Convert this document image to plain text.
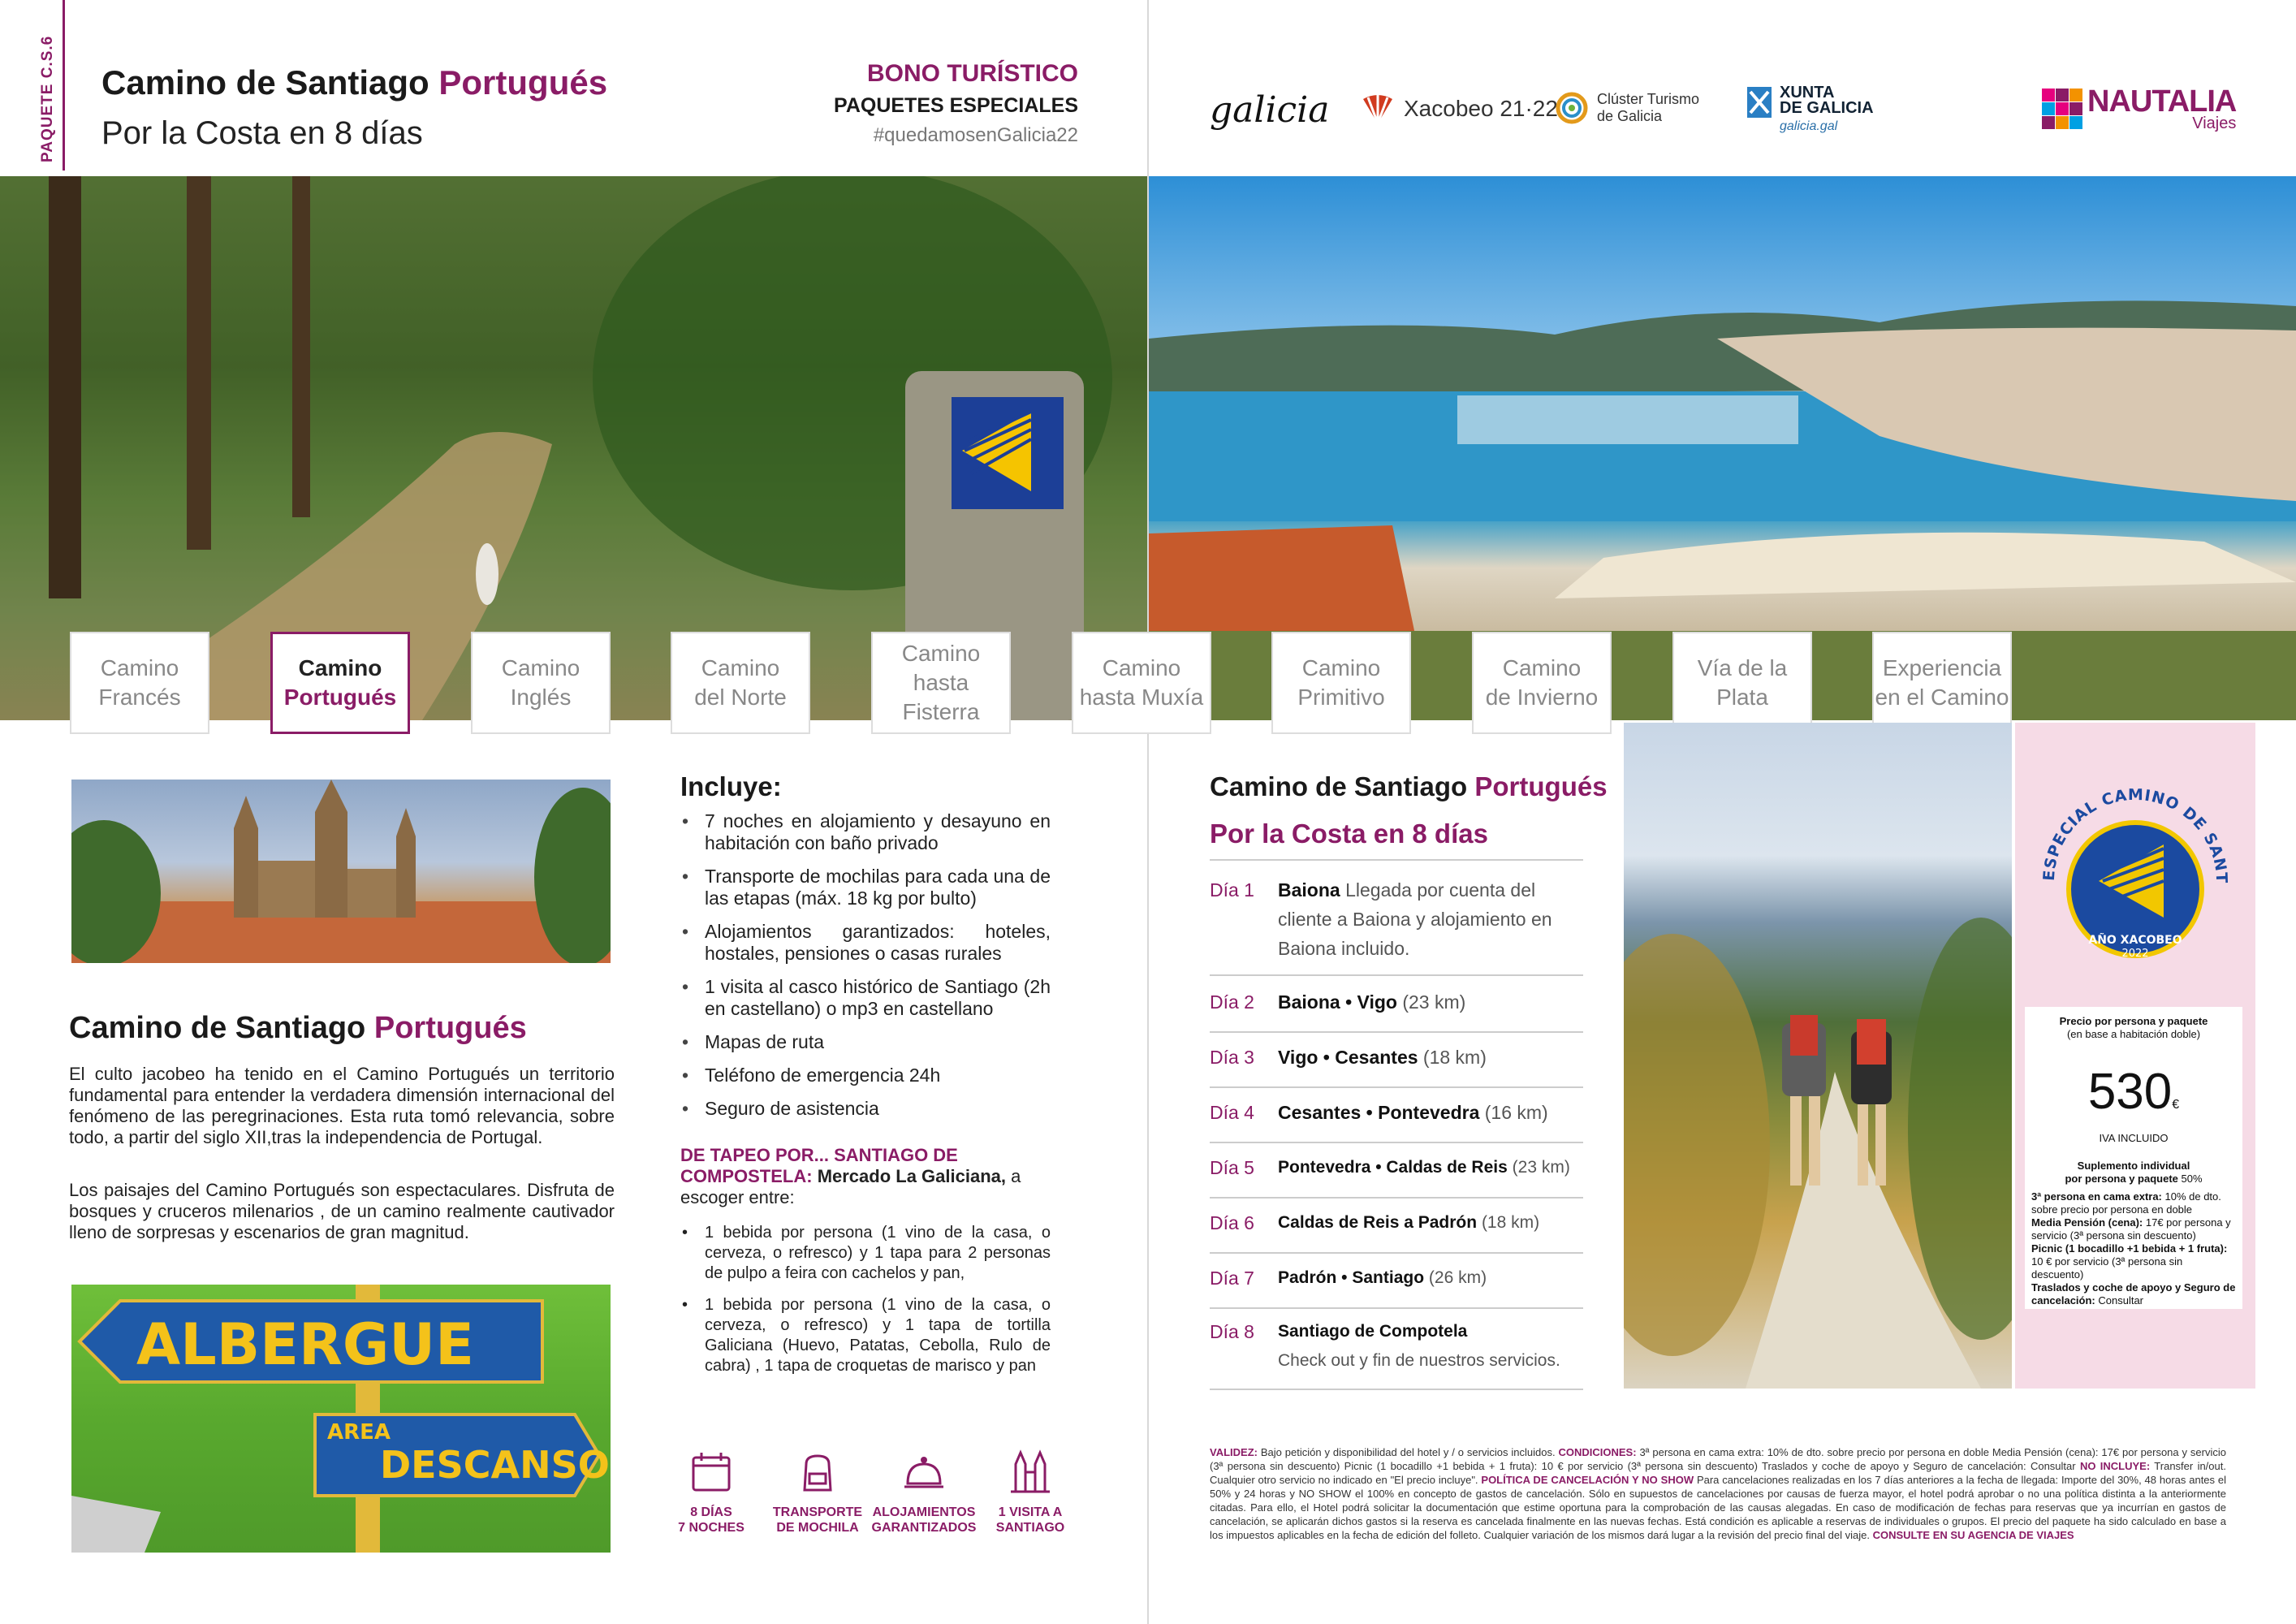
PAQUETE C.S.6 Camino de Santiago Portugués
Por la Costa en 8 días
BONO TURÍSTICO
PAQUETES ESPECIALES
#quedamosenGalicia22
galicia	Xacobeo 21·22	Clúster Turismo
de Galicia
XUNTA
DE GALICIA
galicia.gal
NAUTALIA
Viajes
Camino
Francés
Camino
Portugués
Camino
Inglés
Camino
del Norte
Camino
hasta Fisterra
Camino
hasta Muxía
Camino
Primitivo
Camino
de Invierno
Vía de la
Plata
Experiencia
en el Camino
Camino de Santiago Portugués
El culto jacobeo ha tenido en el Camino Portugués un territorio fundamental para entender la verdadera dimensión internacional del fenómeno de las peregrinaciones. Esta ruta tomó relevancia, sobre todo, a partir del siglo XII,tras la independencia de Portugal.
Los paisajes del Camino Portugués son espectaculares. Disfruta de bosques y cruceros milenarios , de un camino realmente cautivador lleno de sorpresas y escenarios de gran magnitud.
ALBERGUE
AREA
DESCANSO
Incluye:
• 7 noches en alojamiento y desayuno en habitación con baño privado
• Transporte de mochilas para cada una de las etapas (máx. 18 kg por bulto)
• Alojamientos garantizados: hoteles, hostales, pensiones o casas rurales
• 1 visita al casco histórico de Santiago (2h en castellano) o mp3 en castellano
• Mapas de ruta
• Teléfono de emergencia 24h
• Seguro de asistencia
DE TAPEO POR... SANTIAGO DE COMPOSTELA: Mercado La Galiciana, a escoger entre:
• 1 bebida por persona (1 vino de la casa, o cerveza, o refresco) y 1 tapa para 2 personas de pulpo a feira con cachelos y pan,
• 1 bebida por persona (1 vino de la casa, o cerveza, o refresco) y 1 tapa de tortilla Galiciana (Huevo, Patatas, Cebolla, Rulo de cabra) , 1 tapa de croquetas de marisco y pan
8 DÍAS
7 NOCHES
TRANSPORTE
DE MOCHILA
ALOJAMIENTOS
GARANTIZADOS
1 VISITA A
SANTIAGO
Camino de Santiago Portugués
Por la Costa en 8 días
Día 1 Baiona Llegada por cuenta del cliente a Baiona y alojamiento en Baiona incluido.
Día 2 Baiona • Vigo (23 km)
Día 3 Vigo • Cesantes (18 km)
Día 4 Cesantes • Pontevedra (16 km)
Día 5 Pontevedra • Caldas de Reis (23 km)
Día 6 Caldas de Reis a Padrón (18 km)
Día 7 Padrón • Santiago (26 km)
Día 8 Santiago de Compotela
Check out y fin de nuestros servicios.
ESPECIAL CAMINO DE SANT
AÑO XACOBEO
2022
Precio por persona y paquete
(en base a habitación doble)
530€
IVA INCLUIDO
Suplemento individual
por persona y paquete 50%
3ª persona en cama extra: 10% de dto. sobre precio por persona en doble
Media Pensión (cena): 17€ por persona y servicio (3ª persona sin descuento)
Picnic (1 bocadillo +1 bebida + 1 fruta): 10 € por servicio (3ª persona sin descuento)
Traslados y coche de apoyo y Seguro de cancelación: Consultar
VALIDEZ: Bajo petición y disponibilidad del hotel y / o servicios incluidos. CONDICIONES: 3ª persona en cama extra: 10% de dto. sobre precio por persona en doble Media Pensión (cena): 17€ por persona y servicio (3ª persona sin descuento) Picnic (1 bocadillo +1 bebida + 1 fruta): 10 € por servicio (3ª persona sin descuento) Traslados y coche de apoyo y Seguro de cancelación: Consultar NO INCLUYE: Transfer in/out. Cualquier otro servicio no indicado en "El precio incluye". POLÍTICA DE CANCELACIÓN Y NO SHOW Para cancelaciones realizadas en los 7 días anteriores a la fecha de llegada: Importe del 30%, 48 horas antes el 50% y 24 horas y NO SHOW el 100% en concepto de gastos de cancelación. Sólo en supuestos de cancelaciones por causas de fuerza mayor, el hotel podrá aprobar o no una política distinta a la anteriormente citadas. Para ello, el Hotel podrá solicitar la documentación que estime oportuna para la comprobación de las causas alegadas. En caso de modificación de fechas para reservas que ya incurrían en gastos de cancelación, se aplicarán dichos gastos si la reserva es cancelada finalmente en las nuevas fechas. Está condición es aplicable a reservas de individuales o grupos. El precio del paquete ha sido calculado en base a los impuestos aplicables en la fecha de edición del folleto. Cualquier variación de los mismos dará lugar a la revisión del precio final del viaje. CONSULTE EN SU AGENCIA DE VIAJES
